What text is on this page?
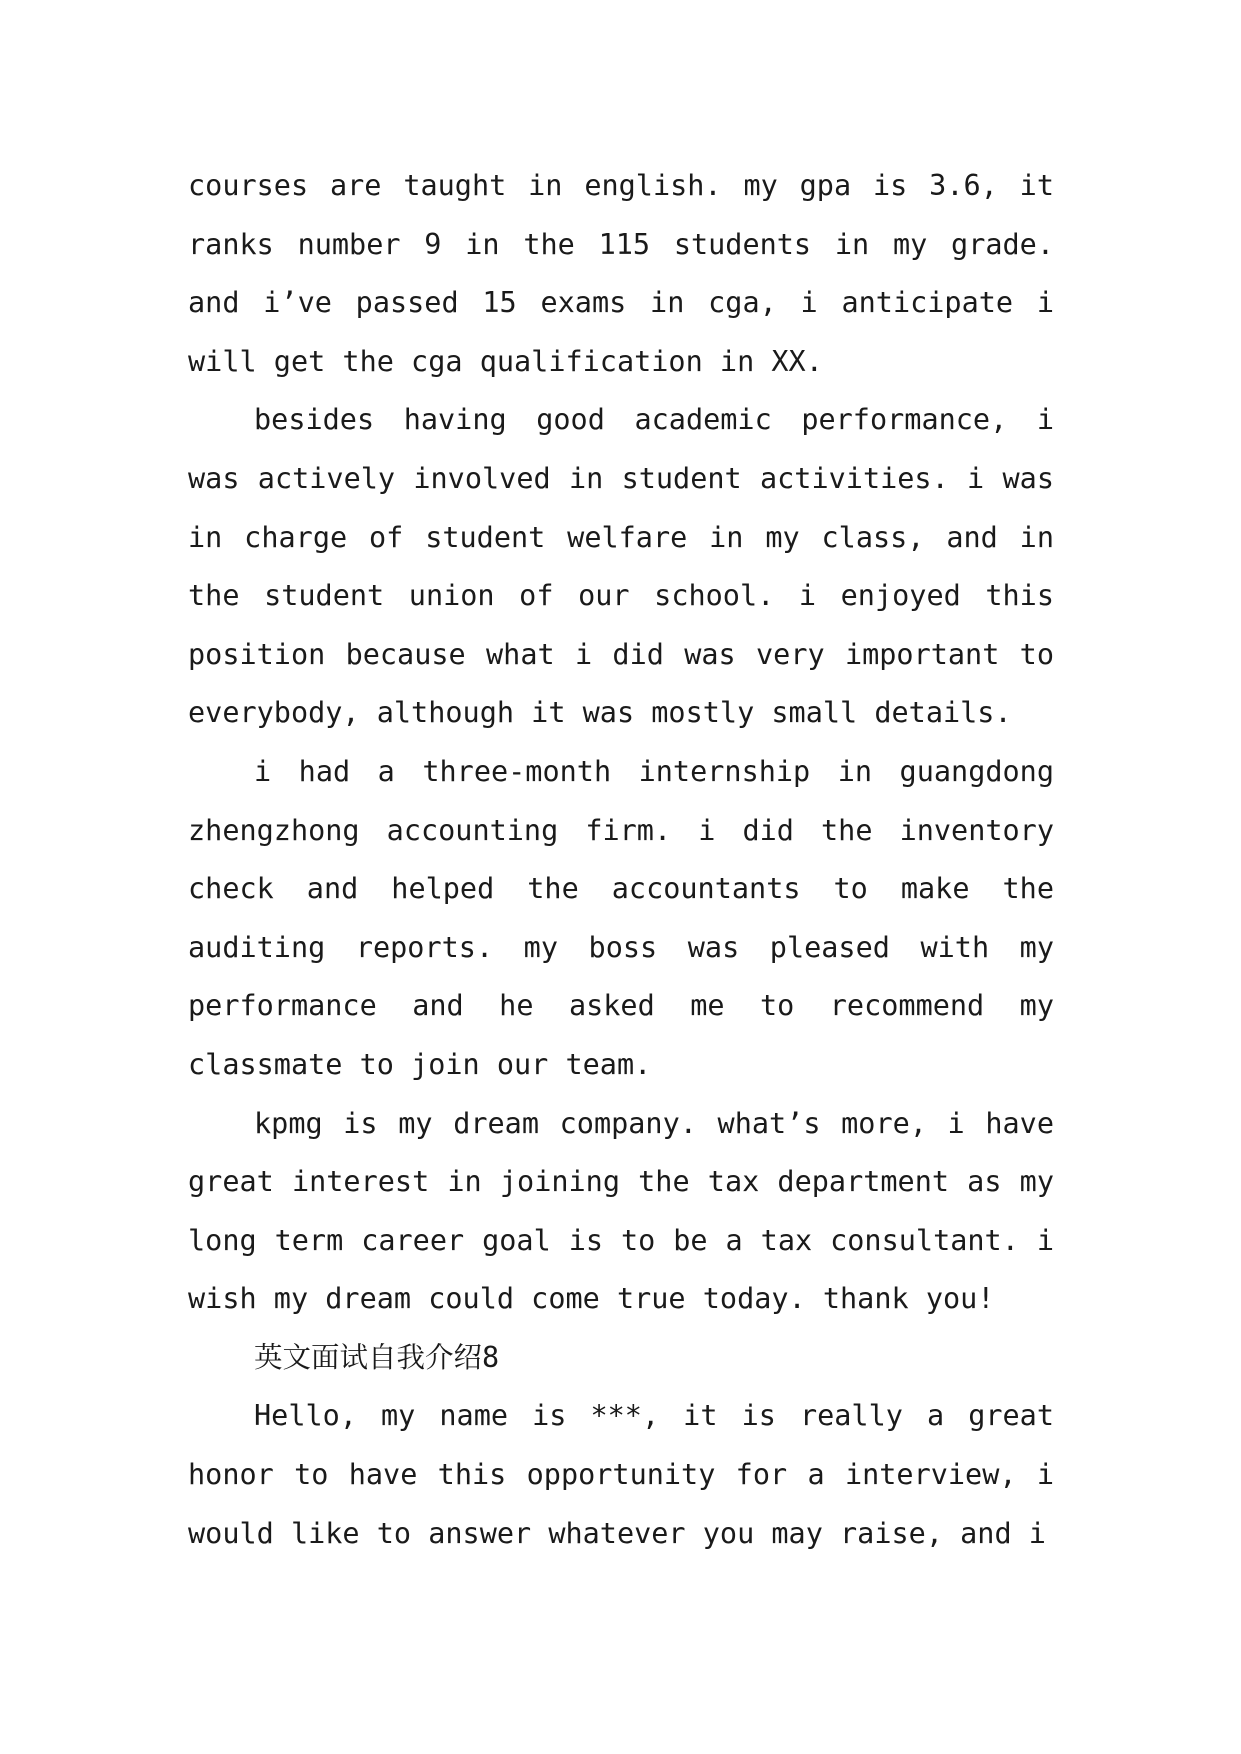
courses are taught in english. my gpa is 3.6, it ranks number 9 in the 115 students in my grade. and i’ve passed 15 exams in cga, i anticipate i will get the cga qualification in XX.

besides having good academic performance, i was actively involved in student activities. i was in charge of student welfare in my class, and in the student union of our school. i enjoyed this position because what i did was very important to everybody, although it was mostly small details.

i had a three-month internship in guangdong zhengzhong accounting firm. i did the inventory check and helped the accountants to make the auditing reports. my boss was pleased with my performance and he asked me to recommend my classmate to join our team.

kpmg is my dream company. what’s more, i have great interest in joining the tax department as my long term career goal is to be a tax consultant. i wish my dream could come true today. thank you!

英文面试自我介绍8

Hello, my name is ***, it is really a great honor to have this opportunity for a interview, i would like to answer whatever you may raise, and i
